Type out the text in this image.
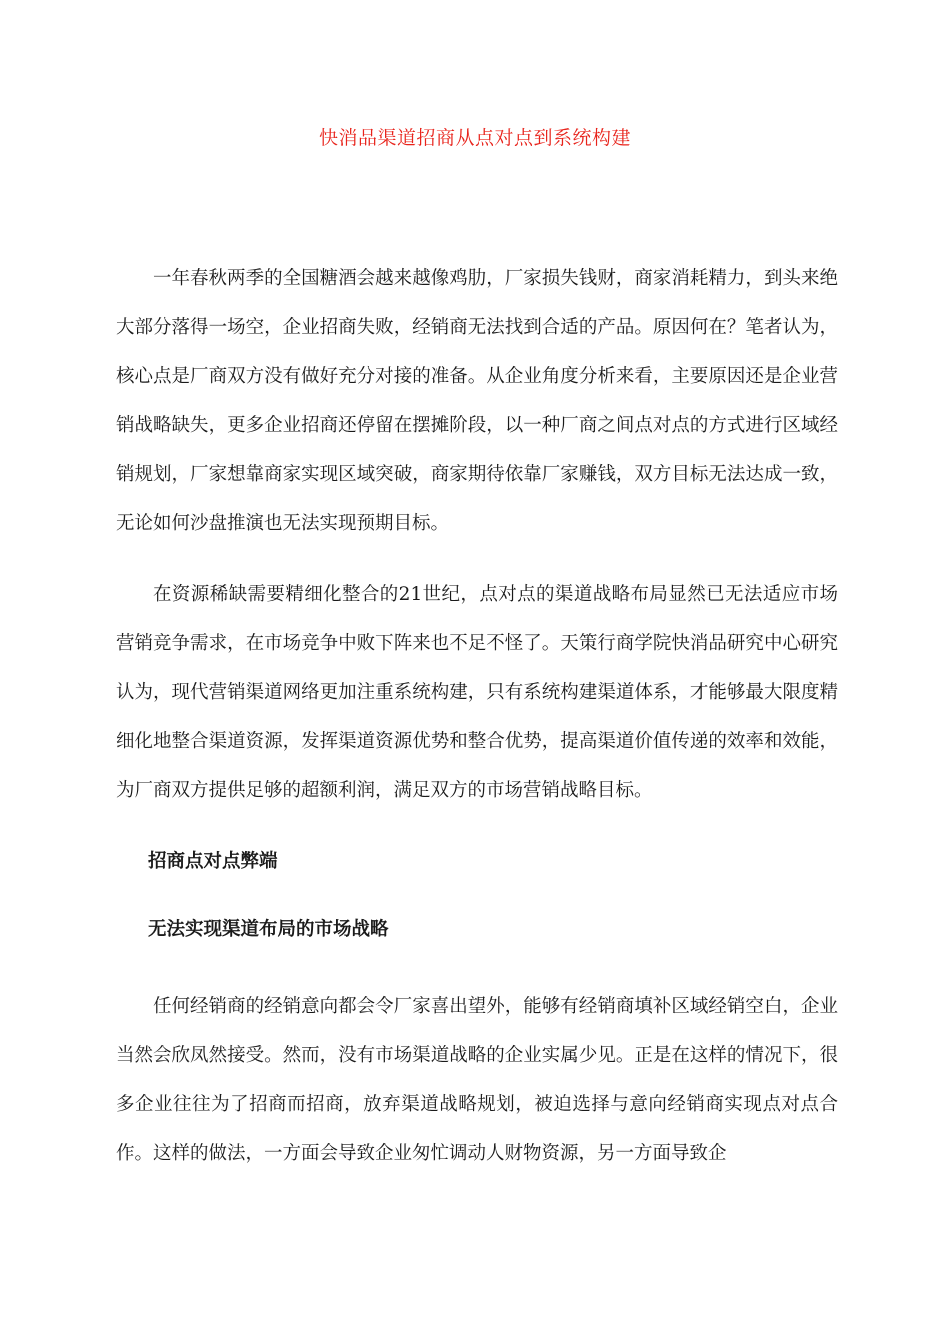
快消品渠道招商从点对点到系统构建

一年春秋两季的全国糖酒会越来越像鸡肋，厂家损失钱财，商家消耗精力，到头来绝大部分落得一场空，企业招商失败，经销商无法找到合适的产品。原因何在？笔者认为，核心点是厂商双方没有做好充分对接的准备。从企业角度分析来看，主要原因还是企业营销战略缺失，更多企业招商还停留在摆摊阶段，以一种厂商之间点对点的方式进行区域经销规划，厂家想靠商家实现区域突破，商家期待依靠厂家赚钱，双方目标无法达成一致，无论如何沙盘推演也无法实现预期目标。

在资源稀缺需要精细化整合的21世纪，点对点的渠道战略布局显然已无法适应市场营销竞争需求，在市场竞争中败下阵来也不足不怪了。天策行商学院快消品研究中心研究认为，现代营销渠道网络更加注重系统构建，只有系统构建渠道体系，才能够最大限度精细化地整合渠道资源，发挥渠道资源优势和整合优势，提高渠道价值传递的效率和效能，为厂商双方提供足够的超额利润，满足双方的市场营销战略目标。

招商点对点弊端

无法实现渠道布局的市场战略

任何经销商的经销意向都会令厂家喜出望外，能够有经销商填补区域经销空白，企业当然会欣凤然接受。然而，没有市场渠道战略的企业实属少见。正是在这样的情况下，很多企业往往为了招商而招商，放弃渠道战略规划，被迫选择与意向经销商实现点对点合作。这样的做法，一方面会导致企业匆忙调动人财物资源，另一方面导致企
